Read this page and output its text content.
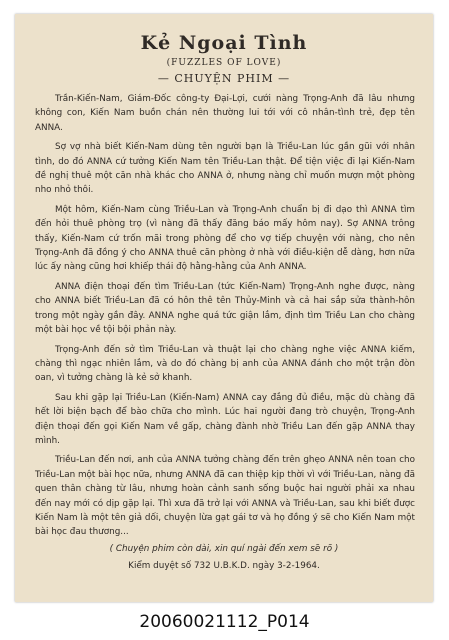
Kẻ Ngoại Tình
(FUZZLES OF LOVE)
— CHUYỆN PHIM —

Trần-Kiến-Nam, Giám-Đốc công-ty Đại-Lợi, cưới nàng Trọng-Anh đã lâu nhưng không con, Kiến Nam buồn chán nên thường lui tới với cô nhân-tình trẻ, đẹp tên ANNA.

Sợ vợ nhà biết Kiến-Nam dùng tên người bạn là Triều-Lan lúc gần gũi với nhân tình, do đó ANNA cứ tưởng Kiến Nam tên Triều-Lan thật. Để tiện việc đi lại Kiến-Nam đề nghị thuê một căn nhà khác cho ANNA ở, nhưng nàng chỉ muốn mượn một phòng nho nhỏ thôi.

Một hôm, Kiến-Nam cùng Triều-Lan và Trọng-Anh chuẩn bị đi dạo thì ANNA tìm đến hỏi thuê phòng trọ (vì nàng đã thấy đăng báo mấy hôm nay). Sợ ANNA trông thấy, Kiến-Nam cứ trốn mãi trong phòng để cho vợ tiếp chuyện với nàng, cho nên Trọng-Anh đã đồng ý cho ANNA thuê căn phòng ở nhà với điều-kiện dễ dàng, hơn nữa lúc ấy nàng cũng hơi khiếp thái độ hằng-hằng của Anh ANNA.

ANNA điện thoại đến tìm Triều-Lan (tức Kiến-Nam) Trọng-Anh nghe được, nàng cho ANNA biết Triều-Lan đã có hôn thê tên Thủy-Minh và cả hai sắp sửa thành-hôn trong một ngày gần đây. ANNA nghe quá tức giận lắm, định tìm Triều Lan cho chàng một bài học về tội bội phản này.

Trọng-Anh đến sở tìm Triều-Lan và thuật lại cho chàng nghe việc ANNA kiếm, chàng thì ngạc nhiên lắm, và do đó chàng bị anh của ANNA đánh cho một trận đòn oan, vì tưởng chàng là kẻ sở khanh.

Sau khi gặp lại Triều-Lan (Kiến-Nam) ANNA cay đắng đủ điều, mặc dù chàng đã hết lời biện bạch để bào chữa cho mình. Lúc hai người đang trò chuyện, Trọng-Anh điện thoại đến gọi Kiến Nam về gấp, chàng đành nhờ Triều Lan đến gặp ANNA thay mình.

Triều-Lan đến nơi, anh của ANNA tưởng chàng đến trên ghẹo ANNA nên toan cho Triều-Lan một bài học nữa, nhưng ANNA đã can thiệp kịp thời vì với Triều-Lan, nàng đã quen thân chàng từ lâu, nhưng hoàn cảnh sanh sống buộc hai người phải xa nhau đến nay mới có dịp gặp lại. Thì xưa đã trở lại với ANNA và Triều-Lan, sau khi biết được Kiến Nam là một tên giả dối, chuyện lừa gạt gái tơ và họ đồng ý sẽ cho Kiến Nam một bài học đau thương...

( Chuyện phim còn dài, xin quí ngài đến xem sẽ rõ )
Kiểm duyệt số 732 U.B.K.D. ngày 3-2-1964.
20060021112_P014
